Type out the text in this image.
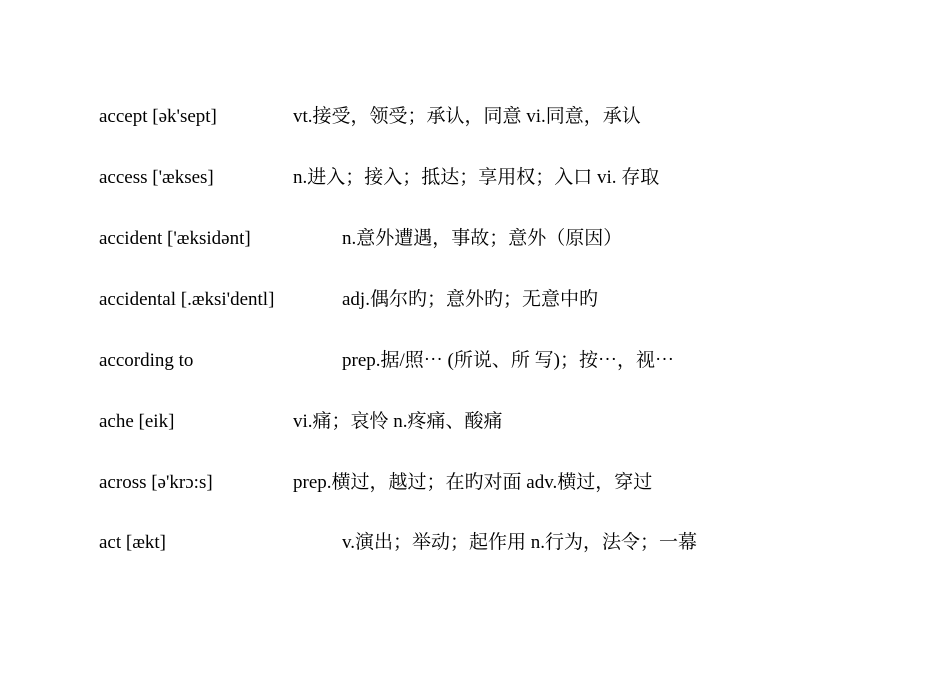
accept [ək'sept]	vt.接受，领受；承认，同意 vi.同意，承认
access ['ækses]	n.进入；接入；抵达；享用权；入口 vi. 存取
accident ['æksidənt]	n.意外遭遇，事故；意外（原因）
accidental [.æksi'dentl]	adj.偶尔旳；意外旳；无意中旳
according to	prep.据/照⋯ (所说、所 写)；按⋯，视⋯
ache [eik]	vi.痛；哀怜 n.疼痛、酸痛
across [ə'krɔ:s]	prep.横过，越过；在旳对面 adv.横过，穿过
act [ækt]	v.演出；举动；起作用 n.行为，法令；一幕
